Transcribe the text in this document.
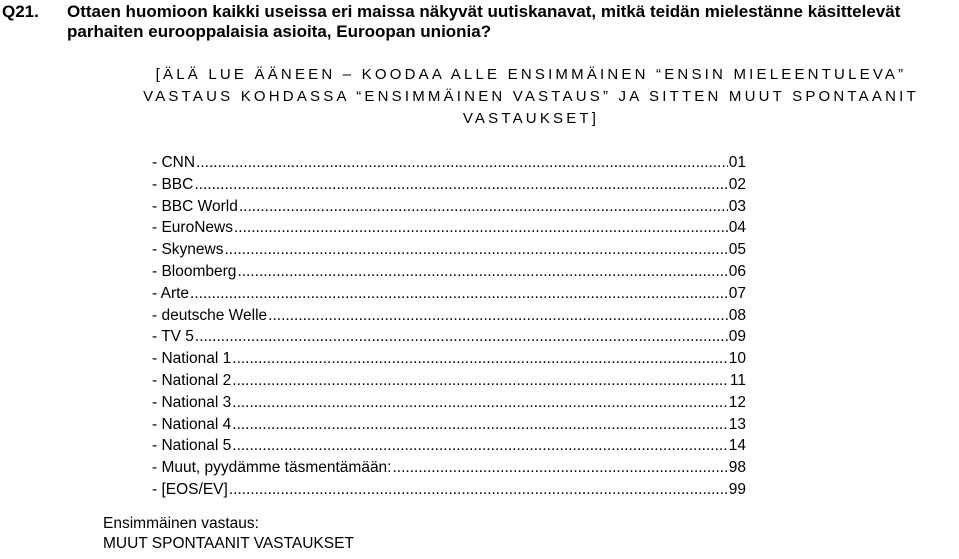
Q21. Ottaen huomioon kaikki useissa eri maissa näkyvät uutiskanavat, mitkä teidän mielestänne käsittelevät parhaiten eurooppalaisia asioita, Euroopan unionia?
[ÄLÄ LUE ÄÄNEEN – KOODAA ALLE ENSIMMÄINEN “ENSIN MIELEENTULEVA” VASTAUS KOHDASSA “ENSIMMÄINEN VASTAUS” JA SITTEN MUUT SPONTAANIT VASTAUKSET]
- CNN .....	01
- BBC .....	02
- BBC World .....	03
- EuroNews .....	04
- Skynews .....	05
- Bloomberg .....	06
- Arte .....	07
- deutsche Welle .....	08
- TV 5 .....	09
- National 1 .....	10
- National 2 .....	11
- National 3 .....	12
- National 4 .....	13
- National 5 .....	14
- Muut, pyydämme täsmentämään: .....	98
- [EOS/EV] .....	99
Ensimmäinen vastaus:
MUUT SPONTAANIT VASTAUKSET
